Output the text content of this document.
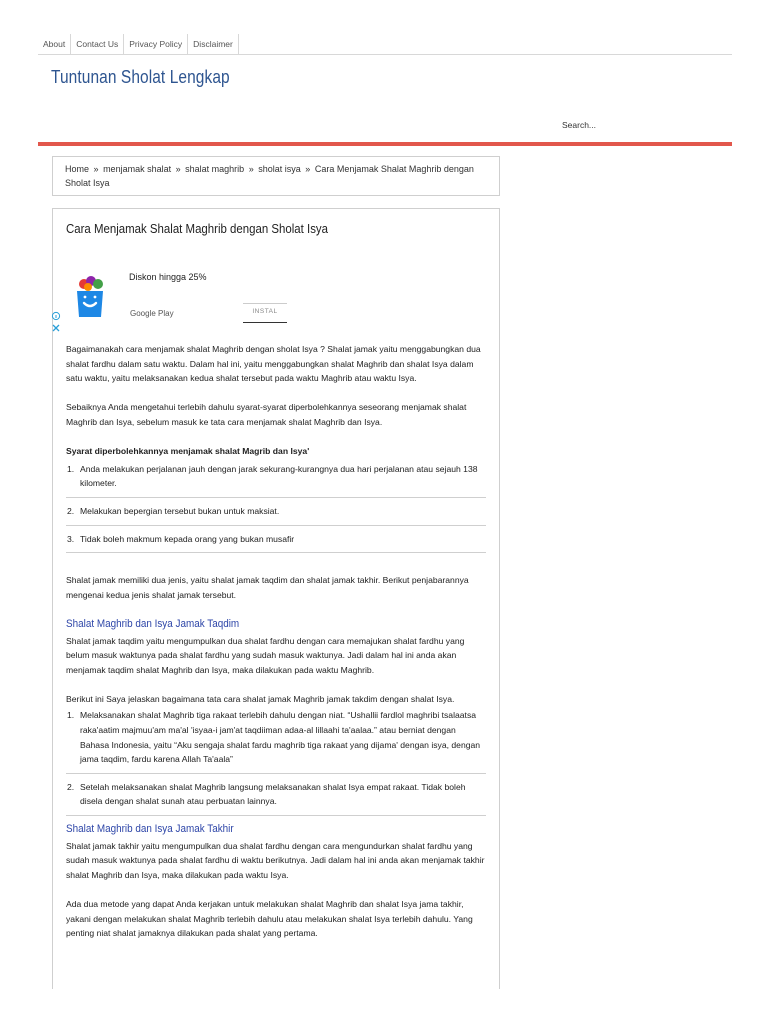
About	Contact Us	Privacy Policy	Disclaimer
Tuntunan Sholat Lengkap
Search...
Home » menjamak shalat » shalat maghrib » sholat isya » Cara Menjamak Shalat Maghrib dengan Sholat Isya
Cara Menjamak Shalat Maghrib dengan Sholat Isya
Diskon hingga 25%
Google Play	INSTAL

Bagaimanakah cara menjamak shalat Maghrib dengan sholat Isya ? Shalat jamak yaitu menggabungkan dua shalat fardhu dalam satu waktu. Dalam hal ini, yaitu menggabungkan shalat Maghrib dan shalat Isya dalam satu waktu, yaitu melaksanakan kedua shalat tersebut pada waktu Maghrib atau waktu Isya.

Sebaiknya Anda mengetahui terlebih dahulu syarat-syarat diperbolehkannya seseorang menjamak shalat Maghrib dan Isya, sebelum masuk ke tata cara menjamak shalat Maghrib dan Isya.

Syarat diperbolehkannya menjamak shalat Magrib dan Isya'
1. Anda melakukan perjalanan jauh dengan jarak sekurang-kurangnya dua hari perjalanan atau sejauh 138 kilometer.
2. Melakukan bepergian tersebut bukan untuk maksiat.
3. Tidak boleh makmum kepada orang yang bukan musafir

Shalat jamak memiliki dua jenis, yaitu shalat jamak taqdim dan shalat jamak takhir. Berikut penjabarannya mengenai kedua jenis shalat jamak tersebut.

Shalat Maghrib dan Isya Jamak Taqdim

Shalat jamak taqdim yaitu mengumpulkan dua shalat fardhu dengan cara memajukan shalat fardhu yang belum masuk waktunya pada shalat fardhu yang sudah masuk waktunya. Jadi dalam hal ini anda akan menjamak taqdim shalat Maghrib dan Isya, maka dilakukan pada waktu Maghrib.

Berikut ini Saya jelaskan bagaimana tata cara shalat jamak Maghrib jamak takdim dengan shalat Isya.

1. Melaksanakan shalat Maghrib tiga rakaat terlebih dahulu dengan niat. “Ushallii fardlol maghribi tsalaatsa raka'aatim majmuu'am ma'al 'isyaa-i jam'at taqdiiman adaa-al lillaahi ta'aalaa.” atau berniat dengan Bahasa Indonesia, yaitu “Aku sengaja shalat fardu maghrib tiga rakaat yang dijama' dengan isya, dengan jama taqdim, fardu karena Allah Ta'aala”
2. Setelah melaksanakan shalat Maghrib langsung melaksanakan shalat Isya empat rakaat. Tidak boleh disela dengan shalat sunah atau perbuatan lainnya.
Shalat Maghrib dan Isya Jamak Takhir

Shalat jamak takhir yaitu mengumpulkan dua shalat fardhu dengan cara mengundurkan shalat fardhu yang sudah masuk waktunya pada shalat fardhu di waktu berikutnya. Jadi dalam hal ini anda akan menjamak takhir shalat Maghrib dan Isya, maka dilakukan pada waktu Isya.

Ada dua metode yang dapat Anda kerjakan untuk melakukan shalat Maghrib dan shalat Isya jama takhir, yakani dengan melakukan shalat Maghrib terlebih dahulu atau melakukan shalat Isya terlebih dahulu. Yang penting niat shalat jamaknya dilakukan pada shalat yang pertama.
